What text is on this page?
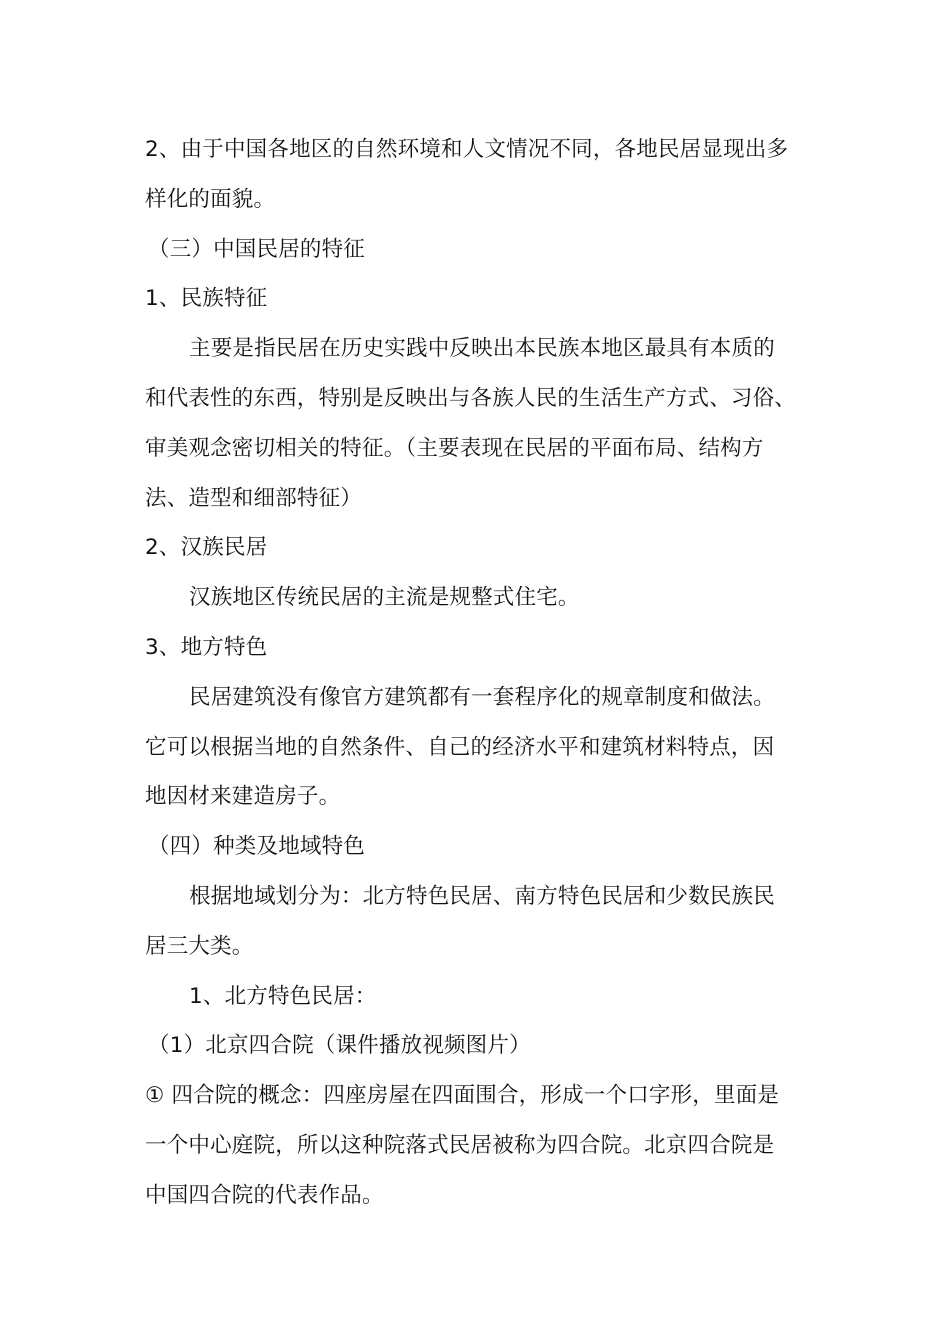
2、由于中国各地区的自然环境和人文情况不同，各地民居显现出多
样化的面貌。
（三）中国民居的特征
1、民族特征
主要是指民居在历史实践中反映出本民族本地区最具有本质的
和代表性的东西，特别是反映出与各族人民的生活生产方式、习俗、
审美观念密切相关的特征。（主要表现在民居的平面布局、结构方
法、造型和细部特征）
2、汉族民居
汉族地区传统民居的主流是规整式住宅。
3、地方特色
民居建筑没有像官方建筑都有一套程序化的规章制度和做法。
它可以根据当地的自然条件、自己的经济水平和建筑材料特点，因
地因材来建造房子。
（四）种类及地域特色
根据地域划分为：北方特色民居、南方特色民居和少数民族民
居三大类。
1、北方特色民居：
（1）北京四合院（课件播放视频图片）
① 四合院的概念：四座房屋在四面围合，形成一个口字形，里面是
一个中心庭院，所以这种院落式民居被称为四合院。北京四合院是
中国四合院的代表作品。
